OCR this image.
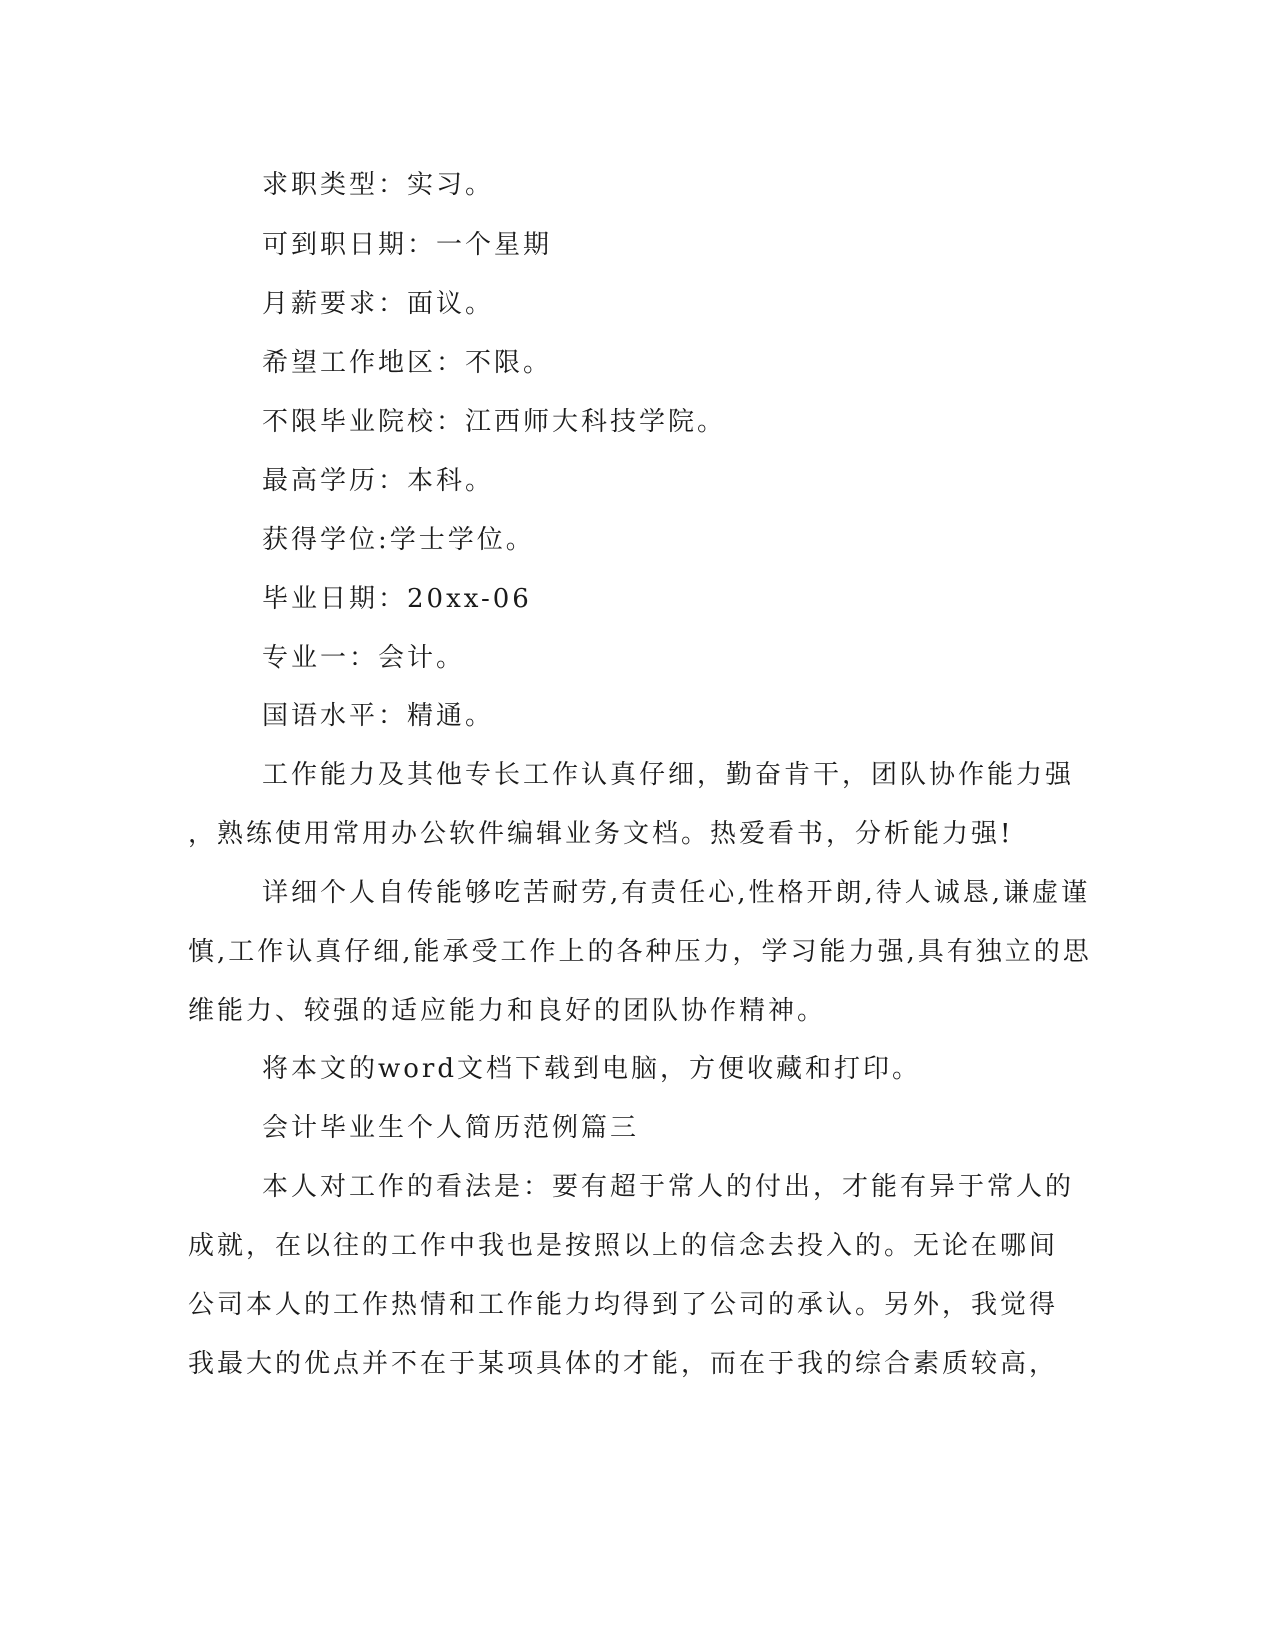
求职类型：实习。
可到职日期：一个星期
月薪要求：面议。
希望工作地区：不限。
不限毕业院校：江西师大科技学院。
最高学历：本科。
获得学位:学士学位。
毕业日期：20xx-06
专业一：会计。
国语水平：精通。
工作能力及其他专长工作认真仔细，勤奋肯干，团队协作能力强
，熟练使用常用办公软件编辑业务文档。热爱看书，分析能力强!
详细个人自传能够吃苦耐劳,有责任心,性格开朗,待人诚恳,谦虚谨
慎,工作认真仔细,能承受工作上的各种压力，学习能力强,具有独立的思
维能力、较强的适应能力和良好的团队协作精神。
将本文的word文档下载到电脑，方便收藏和打印。
会计毕业生个人简历范例篇三
本人对工作的看法是：要有超于常人的付出，才能有异于常人的
成就，在以往的工作中我也是按照以上的信念去投入的。无论在哪间
公司本人的工作热情和工作能力均得到了公司的承认。另外，我觉得
我最大的优点并不在于某项具体的才能，而在于我的综合素质较高，
